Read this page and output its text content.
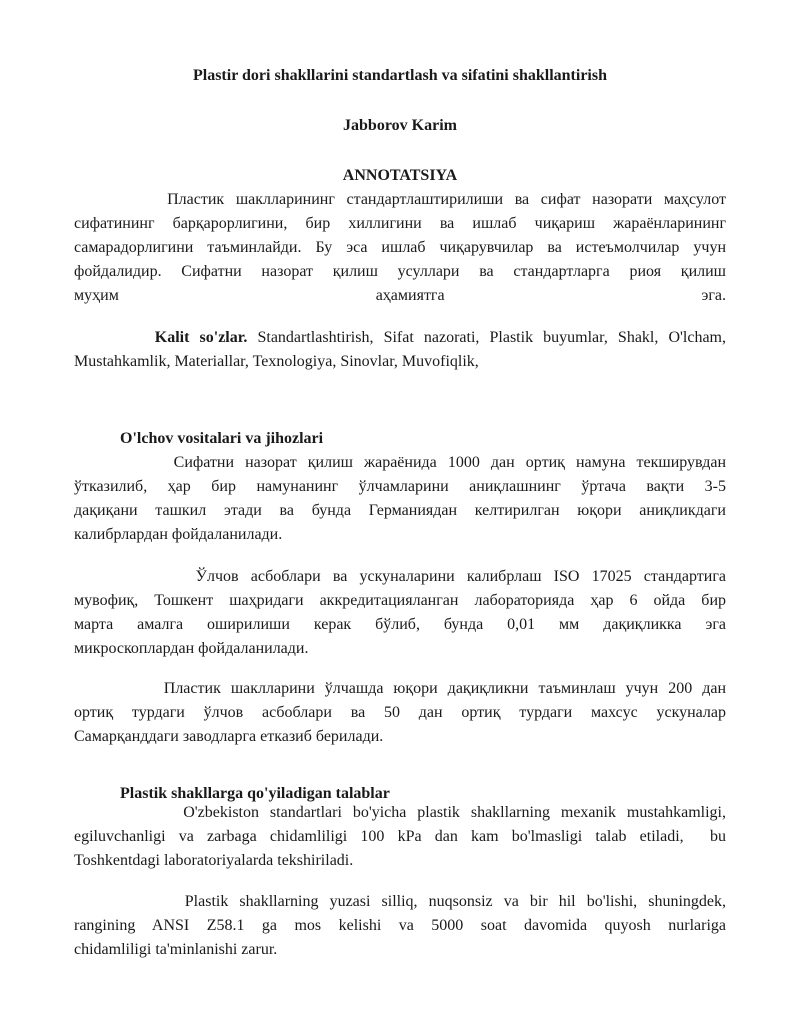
Plastir dori shakllarini standartlash va sifatini shakllantirish

Jabborov Karim

ANNOTATSIYA

Пластик шаклларининг стандартлаштирилиши ва сифат назорати маҳсулот
сифатининг барқарорлигини, бир хиллигини ва ишлаб чиқариш жараёнларининг
самарадорлигини таъминлайди. Бу эса ишлаб чиқарувчилар ва истеъмолчилар учун
фойдалидир. Сифатни назорат қилиш усуллари ва стандартларга риоя қилиш
муҳим аҳамиятга эга.
Kalit so'zlar. Standartlashtirish, Sifat nazorati, Plastik buyumlar, Shakl, O'lcham,
Mustahkamlik, Materiallar, Texnologiya, Sinovlar, Muvofiqlik,

O'lchov vositalari va jihozlari

Сифатни назорат қилиш жараёнида 1000 дан ортиқ намуна текширувдан
ўтказилиб, ҳар бир намунанинг ўлчамларини аниқлашнинг ўртача вақти 3-5
дақиқани ташкил этади ва бунда Германиядан келтирилган юқори аниқликдаги
калибрлардан фойдаланилади.
Ўлчов асбоблари ва ускуналарини калибрлаш ISO 17025 стандартига
мувофиқ, Тошкент шаҳридаги аккредитацияланган лабораторияда ҳар 6 ойда бир
марта амалга оширилиши керак бўлиб, бунда 0,01 мм дақиқликка эга
микроскоплардан фойдаланилади.
Пластик шаклларини ўлчашда юқори дақиқликни таъминлаш учун 200 дан
ортиқ турдаги ўлчов асбоблари ва 50 дан ортиқ турдаги махсус ускуналар
Самарқанддаги заводларга етказиб берилади.

Plastik shakllarga qo'yiladigan talablar

O'zbekiston standartlari bo'yicha plastik shakllarning mexanik mustahkamligi,
egiluvchanligi va zarbaga chidamliligi 100 kPa dan kam bo'lmasligi talab etiladi,  bu
Toshkentdagi laboratoriyalarda tekshiriladi.
Plastik shakllarning yuzasi silliq, nuqsonsiz va bir hil bo'lishi, shuningdek,
rangining ANSI Z58.1 ga mos kelishi va 5000 soat davomida quyosh nurlariga
chidamliligi ta'minlanishi zarur.
